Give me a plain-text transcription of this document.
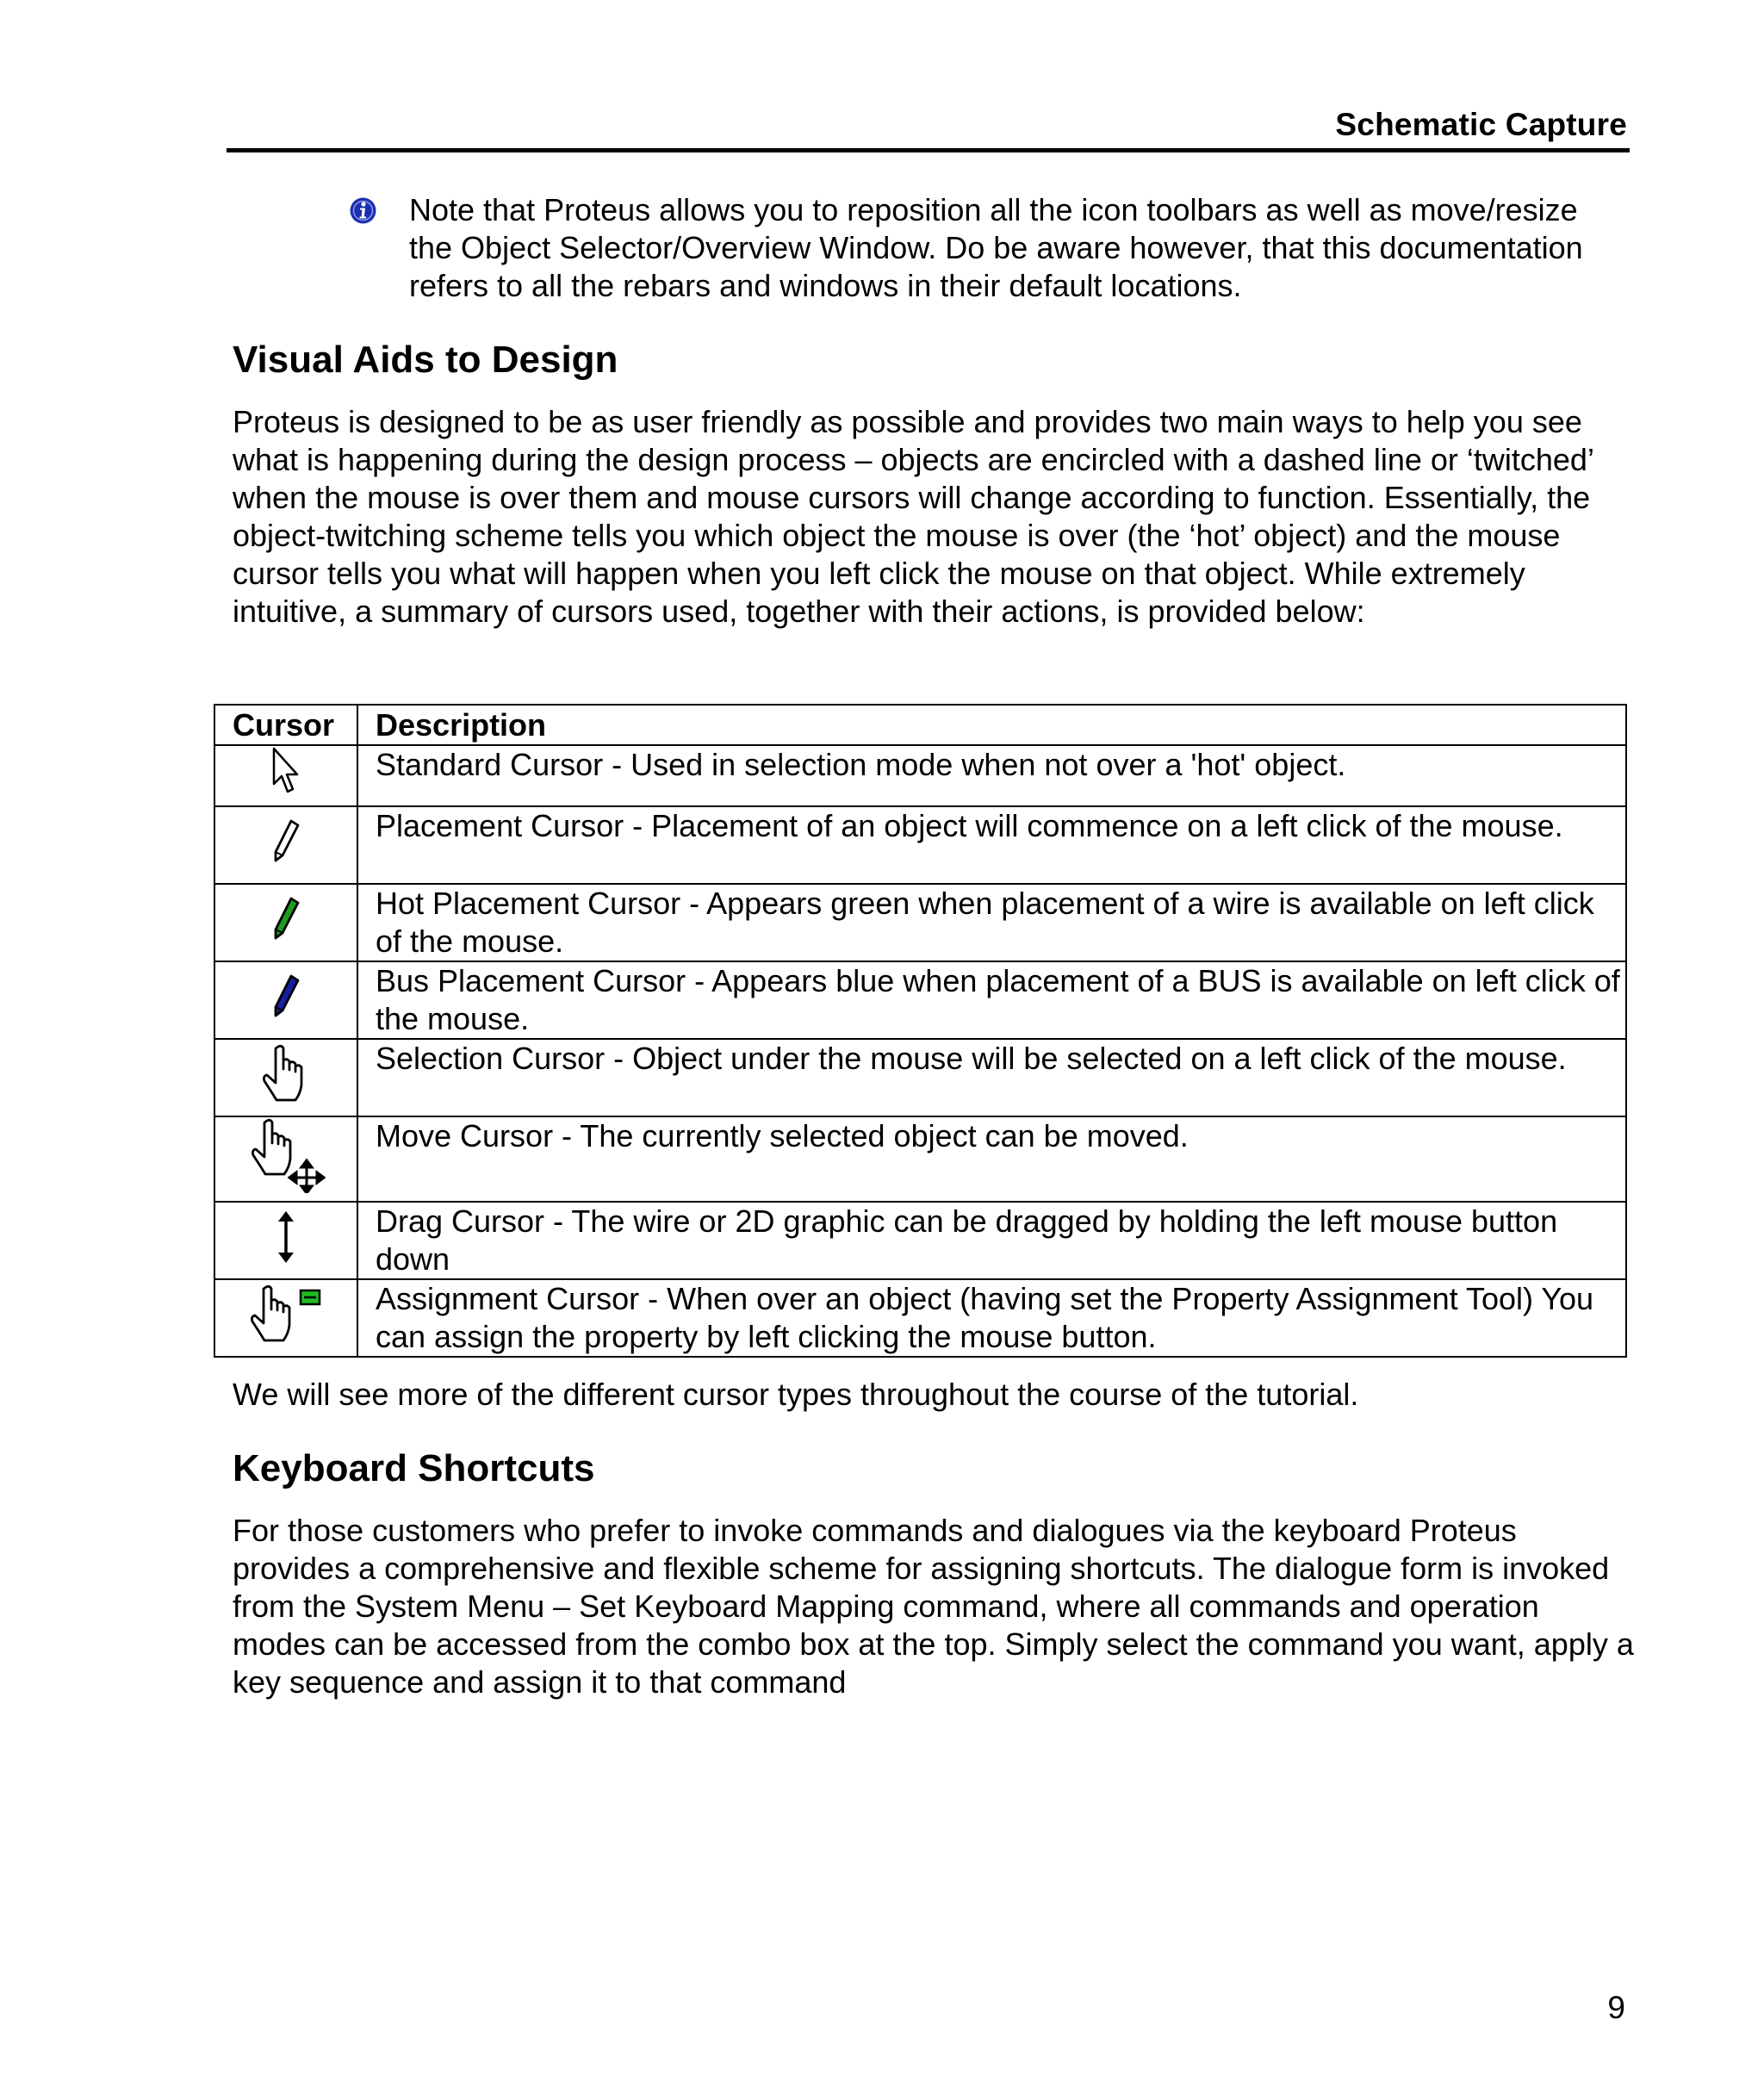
Schematic Capture

Note that Proteus allows you to reposition all the icon toolbars as well as move/resize the Object Selector/Overview Window. Do be aware however, that this documentation refers to all the rebars and windows in their default locations.

Visual Aids to Design

Proteus is designed to be as user friendly as possible and provides two main ways to help you see what is happening during the design process – objects are encircled with a dashed line or ‘twitched’ when the mouse is over them and mouse cursors will change according to function. Essentially, the object-twitching scheme tells you which object the mouse is over (the ‘hot’ object) and the mouse cursor tells you what will happen when you left click the mouse on that object. While extremely intuitive, a summary of cursors used, together with their actions, is provided below:

Cursor	Description
	Standard Cursor - Used in selection mode when not over a 'hot' object.
	Placement Cursor - Placement of an object will commence on a left click of the mouse.
	Hot Placement Cursor - Appears green when placement of a wire is available on left click of the mouse.
	Bus Placement Cursor - Appears blue when placement of a BUS is available on left click of the mouse.
	Selection Cursor - Object under the mouse will be selected on a left click of the mouse.
	Move Cursor - The currently selected object can be moved.
	Drag Cursor - The wire or 2D graphic can be dragged by holding the left mouse button down
	Assignment Cursor - When over an object (having set the Property Assignment Tool) You can assign the property by left clicking the mouse button.

We will see more of the different cursor types throughout the course of the tutorial.

Keyboard Shortcuts

For those customers who prefer to invoke commands and dialogues via the keyboard Proteus provides a comprehensive and flexible scheme for assigning shortcuts. The dialogue form is invoked from the System Menu – Set Keyboard Mapping command, where all commands and operation modes can be accessed from the combo box at the top. Simply select the command you want, apply a key sequence and assign it to that command

9
